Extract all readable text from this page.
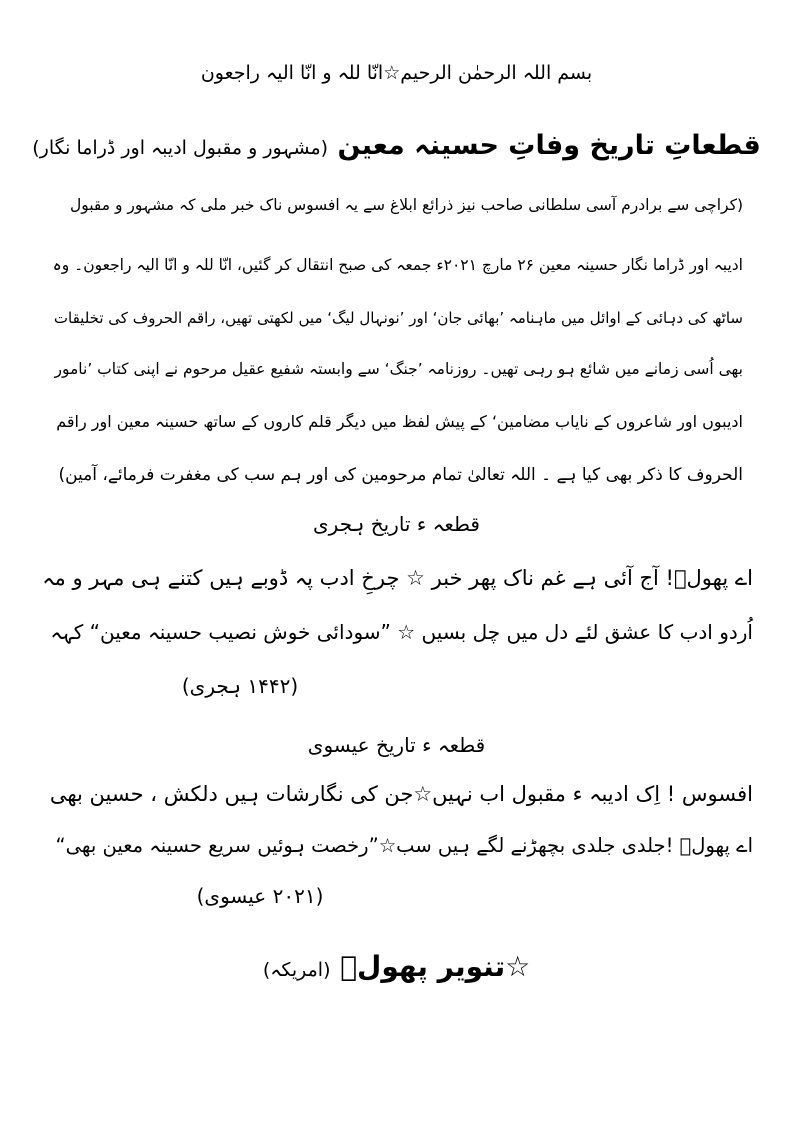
بسم اللہ الرحمٰن الرحیم☆انّا للہ و انّا الیہ راجعون
قطعاتِ تاریخ وفاتِ حسینہ معین (مشہور و مقبول ادیبہ اور ڈراما نگار)
(کراچی سے برادرم آسی سلطانی صاحب نیز ذرائع ابلاغ سے یہ افسوس ناک خبر ملی کہ مشہور و مقبول
ادیبہ اور ڈراما نگار حسینہ معین ۲۶ مارچ ۲۰۲۱ء جمعہ کی صبح انتقال کر گئیں، انّا للہ و انّا الیہ راجعون۔ وہ
ساٹھ کی دہائی کے اوائل میں ماہنامہ ’بھائی جان‘ اور ’نونہال لیگ‘ میں لکھتی تھیں، راقم الحروف کی تخلیقات
بھی اُسی زمانے میں شائع ہو رہی تھیں۔ روزنامہ ’جنگ‘ سے وابستہ شفیع عقیل مرحوم نے اپنی کتاب ’نامور
ادیبوں اور شاعروں کے نایاب مضامین‘ کے پیش لفظ میں دیگر قلم کاروں کے ساتھ حسینہ معین اور راقم
الحروف کا ذکر بھی کیا ہے ۔ اللہ تعالیٰ تمام مرحومین کی اور ہم سب کی مغفرت فرمائے، آمین)
قطعہ ء تاریخ ہجری
اے پھولؔ! آج آئی ہے غم ناک پھر خبر ☆ چرخِ ادب پہ ڈوبے ہیں کتنے ہی مہر و مہ
اُردو ادب کا عشق لئے دل میں چل بسیں ☆ ”سودائی خوش نصیب حسینہ معین“ کہہ
(۱۴۴۲ ہجری)
قطعہ ء تاریخ عیسوی
افسوس ! اِک ادیبہ ء مقبول اب نہیں☆جن کی نگارشات ہیں دلکش ، حسین بھی
اے پھولؔ !جلدی جلدی بچھڑنے لگے ہیں سب☆”رخصت ہوئیں سریع حسینہ معین بھی“
(۲۰۲۱ عیسوی)
☆تنویر پھولؔ (امریکہ)
